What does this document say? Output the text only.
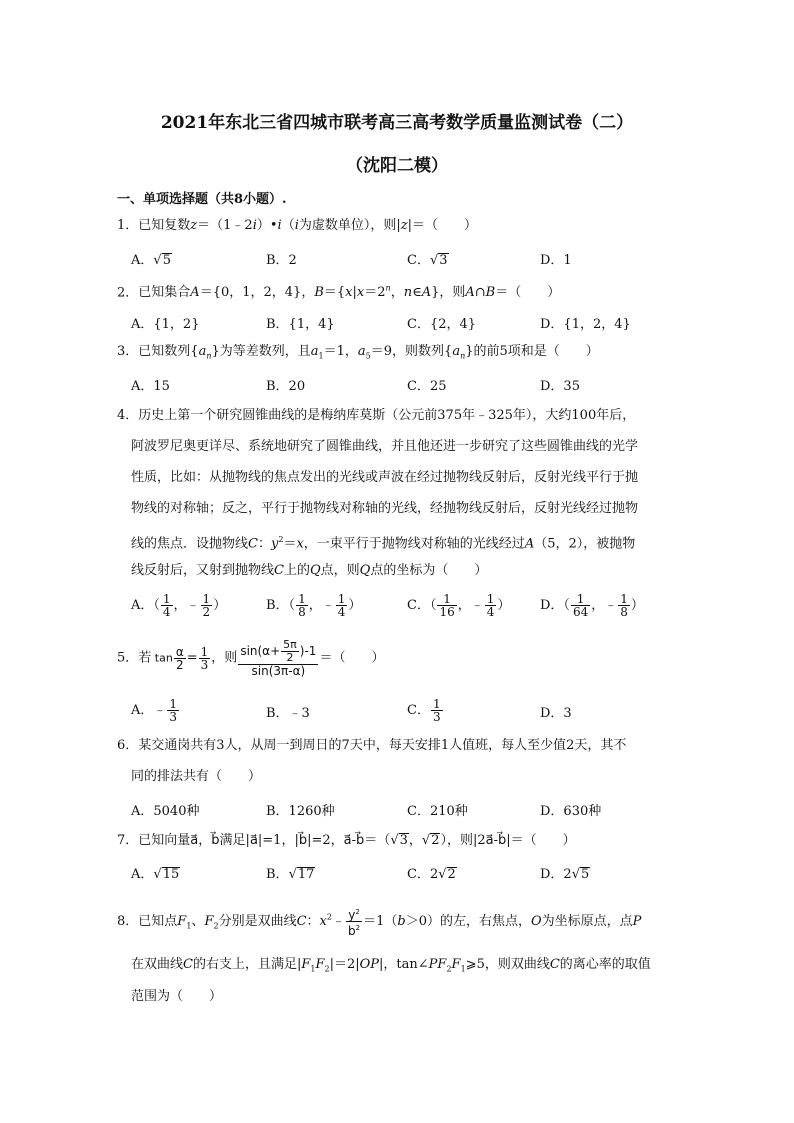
2021年东北三省四城市联考高三高考数学质量监测试卷（二）
（沈阳二模）
一、单项选择题（共8小题）.
1．已知复数z＝（1﹣2i）•i（i为虚数单位），则|z|＝（　　）
A．√5	B．2	C．√3	D．1
2．已知集合A＝{0，1，2，4}，$B=\{x|x=2^n$，n∈A}，则A∩B＝（　　）
A．{1，2}	B．{1，4}	C．{2，4}	D．{1，2，4}
3．已知数列$\{a_n\}$为等差数列，且$a_1=1$，$a_5=9$，则数列$\{a_n\}$的前5项和是（　　）
A．15	B．20	C．25	D．35
4．历史上第一个研究圆锥曲线的是梅纳库莫斯（公元前375年﹣325年），大约100年后，
阿波罗尼奥更详尽、系统地研究了圆锥曲线，并且他还进一步研究了这些圆锥曲线的光学
性质，比如：从抛物线的焦点发出的光线或声波在经过抛物线反射后，反射光线平行于抛
物线的对称轴；反之，平行于抛物线对称轴的光线，经抛物线反射后，反射光线经过抛物
线的焦点．设抛物线C：$y^2=x$，一束平行于抛物线对称轴的光线经过A（5，2），被抛物
线反射后，又射到抛物线C上的Q点，则Q点的坐标为（　　）
A．（ $\frac{1}{4}$ ，﹣ $\frac{1}{2}$ ）	B．（ $\frac{1}{8}$ ，﹣ $\frac{1}{4}$ ）	C．（ $\frac{1}{16}$ ，﹣ $\frac{1}{4}$ ） D．（ $\frac{1}{64}$ ，﹣ $\frac{1}{8}$ ）
5．若 $\tan \frac{\alpha}{2} = \frac{1}{3}$ ，则 $\frac{\sin(\alpha+ \frac{5\pi}{2} )-1}{\sin(3\pi-\alpha)}$ ＝（　　）
A．﹣ $\frac{1}{3}$	B．﹣3	C． $\frac{1}{3}$	D．3
6．某交通岗共有3人，从周一到周日的7天中，每天安排1人值班，每人至少值2天，其不
同的排法共有（　　）
A．5040种	B．1260种	C．210种	D．630种
7．已知向量a⃗，b⃗满足|a⃗|=1，|b⃗|=2，a⃗-b⃗＝（√3，√2），则|2a⃗-b⃗|＝（　　）
A．√15	B．√17	C．2√2	D．2√5
8．已知点$F_1$、$F_2$分别是双曲线C：$x^2﹣ \frac{y^2}{b^2} =1(b>0)$的左，右焦点，O为坐标原点，点P
在双曲线C的右支上，且满足$|F_1F_2|=2|OP|$，$\tan\angle PF_2F_1⩾5$，则双曲线C的离心率的取值
范围为（　　）
